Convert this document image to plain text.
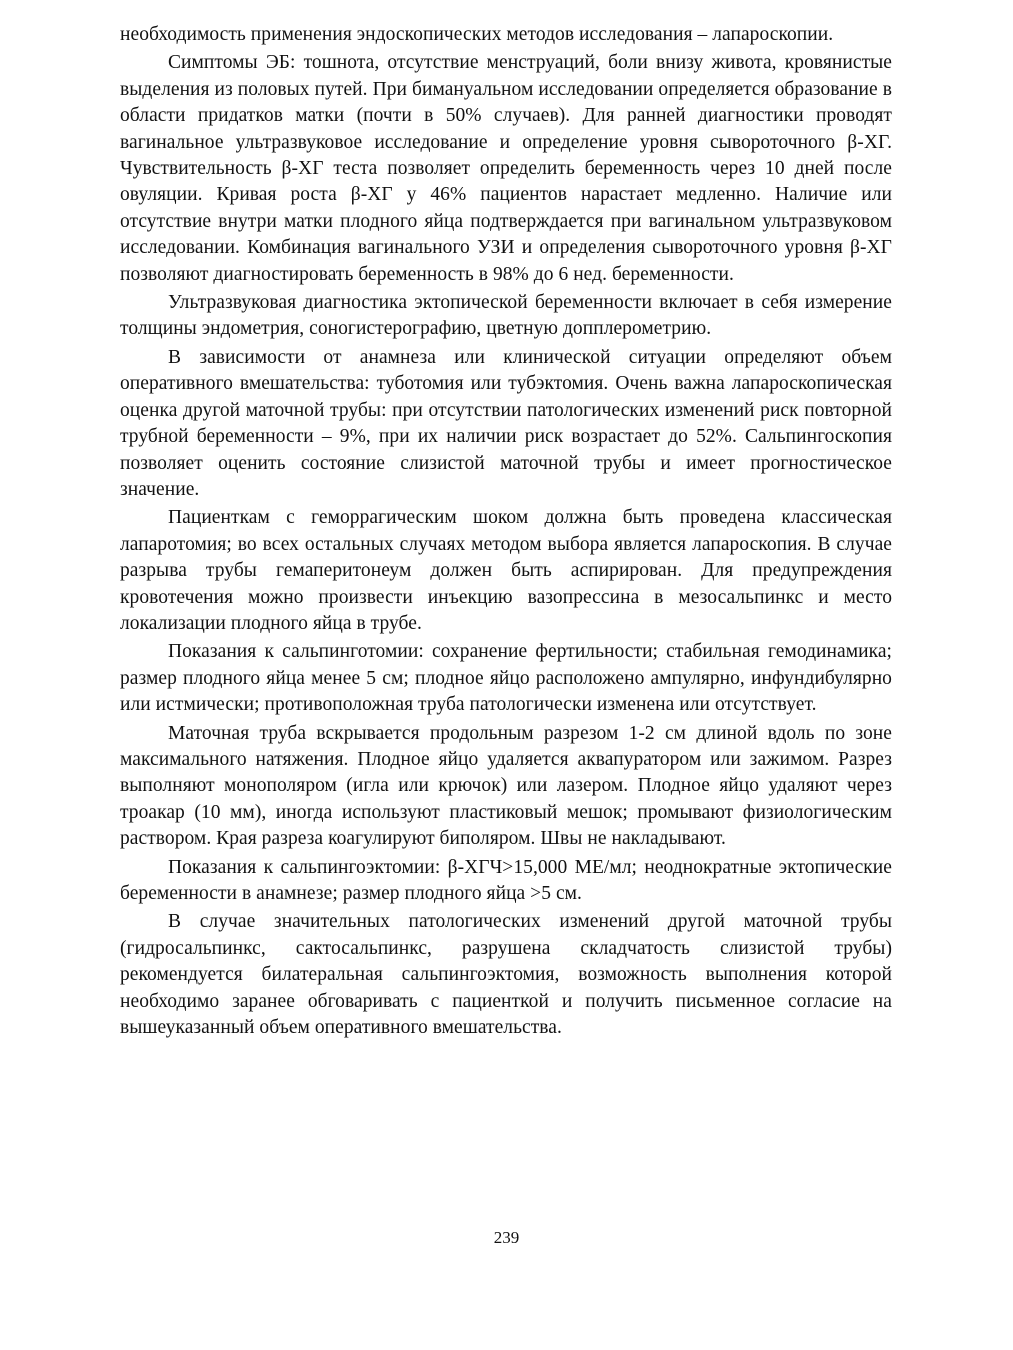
необходимость применения эндоскопических методов исследования – лапароскопии.

Симптомы ЭБ: тошнота, отсутствие менструаций, боли внизу живота, кровянистые выделения из половых путей. При бимануальном исследовании определяется образование в области придатков матки (почти в 50% случаев). Для ранней диагностики проводят вагинальное ультразвуковое исследование и определение уровня сывороточного β-ХГ. Чувствительность β-ХГ теста позволяет определить беременность через 10 дней после овуляции. Кривая роста β-ХГ у 46% пациентов нарастает медленно. Наличие или отсутствие внутри матки плодного яйца подтверждается при вагинальном ультразвуковом исследовании. Комбинация вагинального УЗИ и определения сывороточного уровня β-ХГ позволяют диагностировать беременность в 98% до 6 нед. беременности.

Ультразвуковая диагностика эктопической беременности включает в себя измерение толщины эндометрия, соногистерографию, цветную допплерометрию.

В зависимости от анамнеза или клинической ситуации определяют объем оперативного вмешательства: туботомия или тубэктомия. Очень важна лапароскопическая оценка другой маточной трубы: при отсутствии патологических изменений риск повторной трубной беременности – 9%, при их наличии риск возрастает до 52%. Сальпингоскопия позволяет оценить состояние слизистой маточной трубы и имеет прогностическое значение.

Пациенткам с геморрагическим шоком должна быть проведена классическая лапаротомия; во всех остальных случаях методом выбора является лапароскопия. В случае разрыва трубы гемаперитонеум должен быть аспирирован. Для предупреждения кровотечения можно произвести инъекцию вазопрессина в мезосальпинкс и место локализации плодного яйца в трубе.

Показания к сальпинготомии: сохранение фертильности; стабильная гемодинамика; размер плодного яйца менее 5 см; плодное яйцо расположено ампулярно, инфундибулярно или истмически; противоположная труба патологически изменена или отсутствует.

Маточная труба вскрывается продольным разрезом 1-2 см длиной вдоль по зоне максимального натяжения. Плодное яйцо удаляется аквапуратором или зажимом. Разрез выполняют монополяром (игла или крючок) или лазером. Плодное яйцо удаляют через троакар (10 мм), иногда используют пластиковый мешок; промывают физиологическим раствором. Края разреза коагулируют биполяром. Швы не накладывают.

Показания к сальпингоэктомии: β-ХГЧ>15,000 МЕ/мл; неоднократные эктопические беременности в анамнезе; размер плодного яйца >5 см.

В случае значительных патологических изменений другой маточной трубы (гидросальпинкс, сактосальпинкс, разрушена складчатость слизистой трубы) рекомендуется билатеральная сальпингоэктомия, возможность выполнения которой необходимо заранее обговаривать с пациенткой и получить письменное согласие на вышеуказанный объем оперативного вмешательства.

239
